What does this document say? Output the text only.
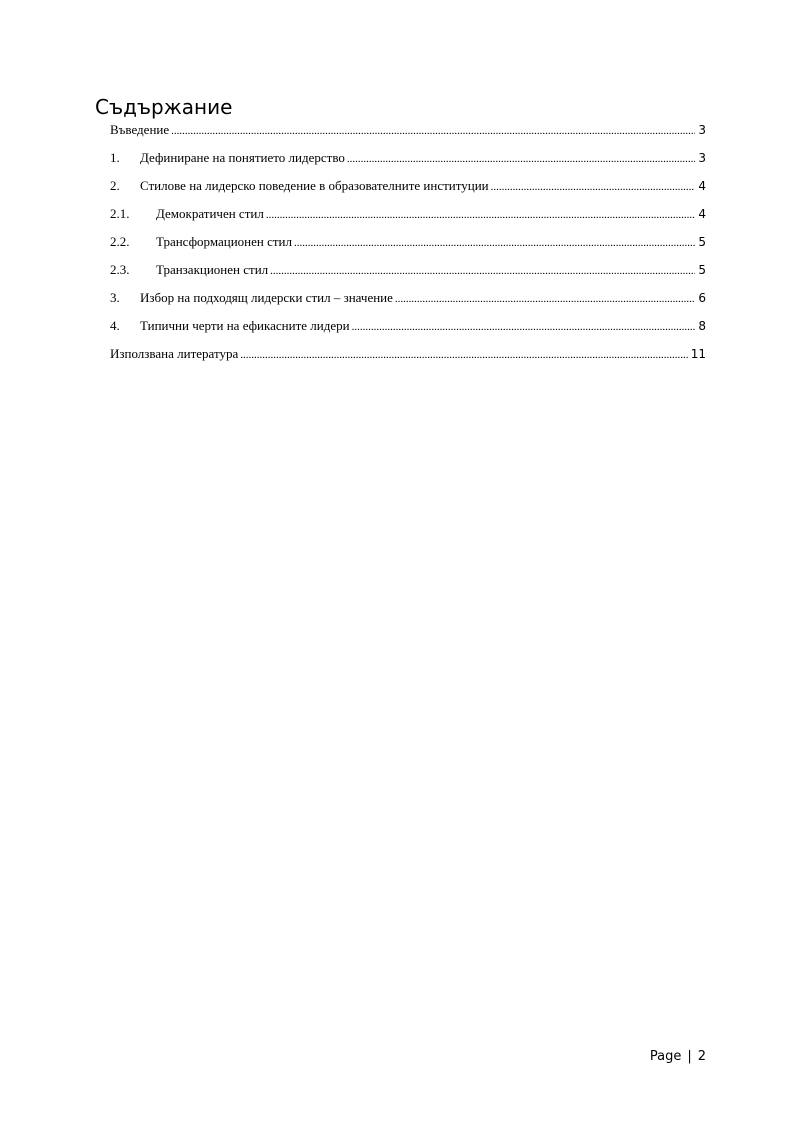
Съдържание
Въведение .....	3
1.	Дефиниране на понятието лидерство .....	3
2.	Стилове на лидерско поведение в образователните институции .....	4
2.1.	Демократичен стил .....	4
2.2.	Трансформационен стил .....	5
2.3.	Транзакционен стил .....	5
3.	Избор на подходящ лидерски стил – значение .....	6
4.	Типични черти на ефикасните лидери .....	8
Използвана литература .....	11
Page | 2
